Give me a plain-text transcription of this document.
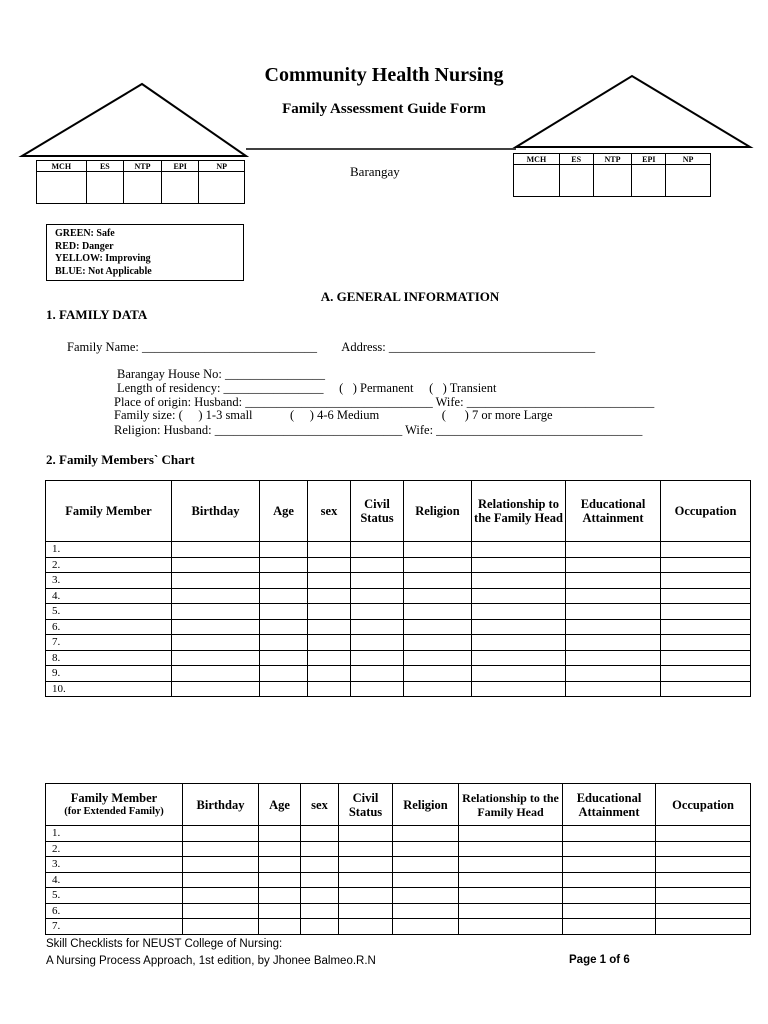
Community Health Nursing
Family Assessment Guide Form
MCH	ES	NTP	EPI	NP
					Barangay
MCH	ES	NTP	EPI	NP

GREEN: Safe
RED: Danger
YELLOW: Improving
BLUE: Not Applicable
A. GENERAL INFORMATION
1. FAMILY DATA
Family Name: ____________________________        Address: _________________________________
Barangay House No: ________________
Length of residency: ________________     (   ) Permanent     (   ) Transient
Place of origin: Husband: ______________________________ Wife: ______________________________
Family size: (     ) 1-3 small            (     ) 4-6 Medium                    (      ) 7 or more Large
Religion: Husband: ______________________________ Wife: _________________________________
2. Family Members` Chart
Family Member	Birthday	Age	sex	Civil Status	Religion	Relationship to the Family Head	Educational Attainment	Occupation
1.								
2.								
3.								
4.								
5.								
6.								
7.								
8.								
9.								
10.								
Family Member
(for Extended Family)	Birthday	Age	sex	Civil Status	Religion	Relationship to the Family Head	Educational Attainment	Occupation
1.								
2.								
3.								
4.								
5.								
6.								
7.								
Skill Checklists for NEUST College of Nursing:
A Nursing Process Approach, 1st edition, by Jhonee Balmeo.R.N	Page 1 of 6
